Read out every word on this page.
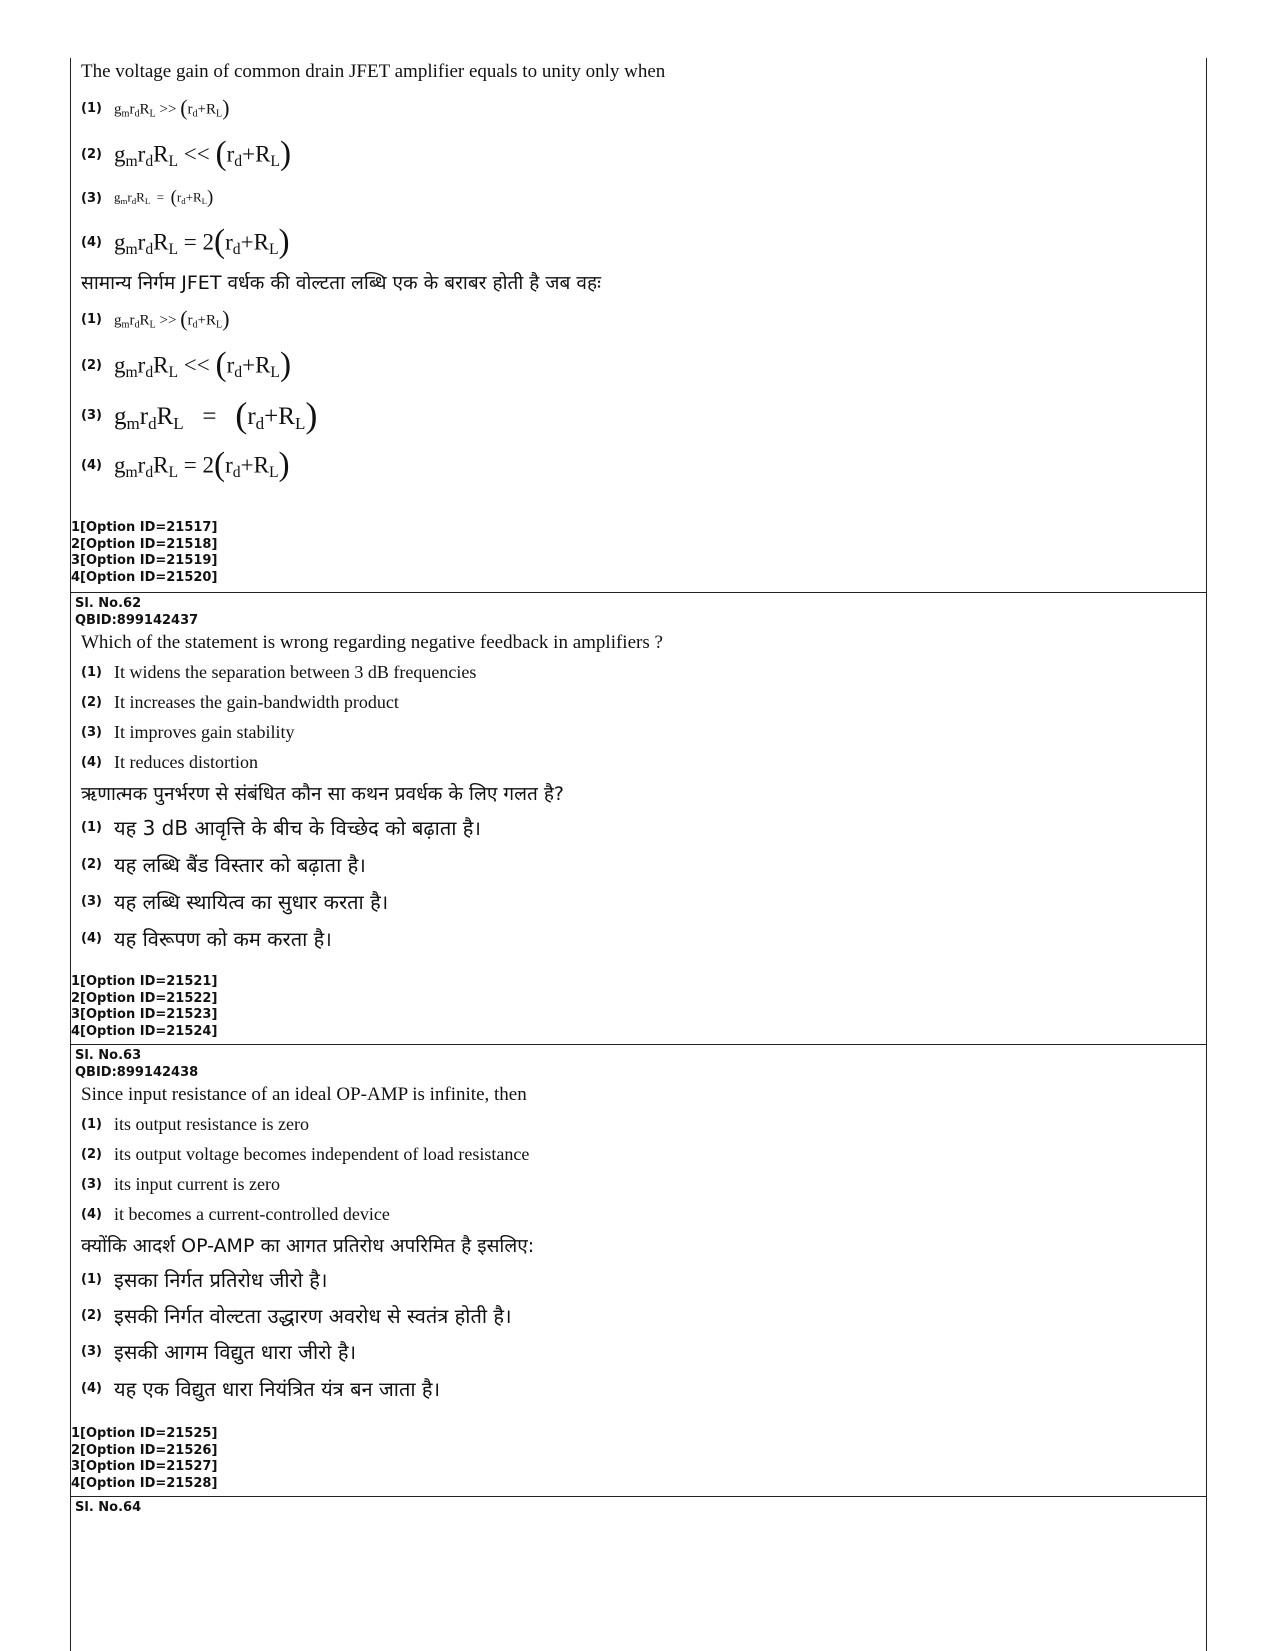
The voltage gain of common drain JFET amplifier equals to unity only when
(1) $g_mr_dR_L >> (r_d+R_L)$
(2) $g_mr_dR_L << (r_d+R_L)$
(3) $g_mr_dR_L = (r_d+R_L)$
(4) $g_mr_dR_L = 2(r_d+R_L)$
सामान्य निर्गम JFET वर्धक की वोल्टता लब्धि एक के बराबर होती है जब वहः
(1) $g_mr_dR_L >> (r_d+R_L)$
(2) $g_mr_dR_L << (r_d+R_L)$
(3) $g_mr_dR_L = (r_d+R_L)$
(4) $g_mr_dR_L = 2(r_d+R_L)$
1[Option ID=21517]
2[Option ID=21518]
3[Option ID=21519]
4[Option ID=21520]
Sl. No.62
QBID:899142437
Which of the statement is wrong regarding negative feedback in amplifiers ?
(1) It widens the separation between 3 dB frequencies
(2) It increases the gain-bandwidth product
(3) It improves gain stability
(4) It reduces distortion
ऋणात्मक पुनर्भरण से संबंधित कौन सा कथन प्रवर्धक के लिए गलत है?
(1) यह 3 dB आवृत्ति के बीच के विच्छेद को बढ़ाता है।
(2) यह लब्धि बैंड विस्तार को बढ़ाता है।
(3) यह लब्धि स्थायित्व का सुधार करता है।
(4) यह विरूपण को कम करता है।
1[Option ID=21521]
2[Option ID=21522]
3[Option ID=21523]
4[Option ID=21524]
Sl. No.63
QBID:899142438
Since input resistance of an ideal OP-AMP is infinite, then
(1) its output resistance is zero
(2) its output voltage becomes independent of load resistance
(3) its input current is zero
(4) it becomes a current-controlled device
क्योंकि आदर्श OP-AMP का आगत प्रतिरोध अपरिमित है इसलिए:
(1) इसका निर्गत प्रतिरोध जीरो है।
(2) इसकी निर्गत वोल्टता उद्धारण अवरोध से स्वतंत्र होती है।
(3) इसकी आगम विद्युत धारा जीरो है।
(4) यह एक विद्युत धारा नियंत्रित यंत्र बन जाता है।
1[Option ID=21525]
2[Option ID=21526]
3[Option ID=21527]
4[Option ID=21528]
Sl. No.64
